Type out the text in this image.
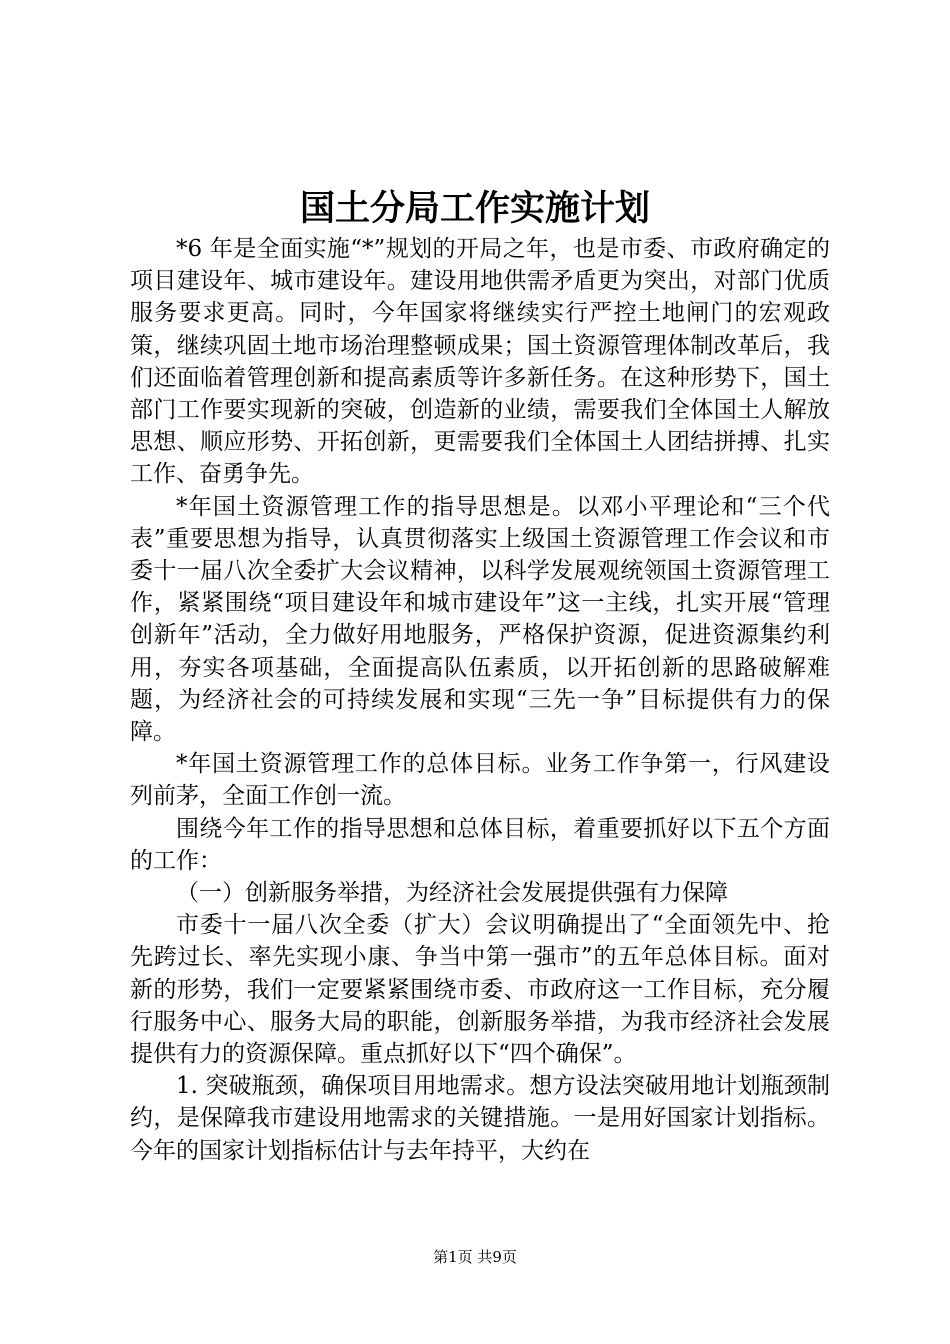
国土分局工作实施计划

*6 年是全面实施“*”规划的开局之年，也是市委、市政府确定的项目建设年、城市建设年。建设用地供需矛盾更为突出，对部门优质服务要求更高。同时，今年国家将继续实行严控土地闸门的宏观政策，继续巩固土地市场治理整顿成果；国土资源管理体制改革后，我们还面临着管理创新和提高素质等许多新任务。在这种形势下，国土部门工作要实现新的突破，创造新的业绩，需要我们全体国土人解放思想、顺应形势、开拓创新，更需要我们全体国土人团结拼搏、扎实工作、奋勇争先。

*年国土资源管理工作的指导思想是。以邓小平理论和“三个代表”重要思想为指导，认真贯彻落实上级国土资源管理工作会议和市委十一届八次全委扩大会议精神，以科学发展观统领国土资源管理工作，紧紧围绕“项目建设年和城市建设年”这一主线，扎实开展“管理创新年”活动，全力做好用地服务，严格保护资源，促进资源集约利用，夯实各项基础，全面提高队伍素质，以开拓创新的思路破解难题，为经济社会的可持续发展和实现“三先一争”目标提供有力的保障。

*年国土资源管理工作的总体目标。业务工作争第一，行风建设列前茅，全面工作创一流。

围绕今年工作的指导思想和总体目标，着重要抓好以下五个方面的工作：

（一）创新服务举措，为经济社会发展提供强有力保障

市委十一届八次全委（扩大）会议明确提出了“全面领先中、抢先跨过长、率先实现小康、争当中第一强市”的五年总体目标。面对新的形势，我们一定要紧紧围绕市委、市政府这一工作目标，充分履行服务中心、服务大局的职能，创新服务举措，为我市经济社会发展提供有力的资源保障。重点抓好以下“四个确保”。

1. 突破瓶颈，确保项目用地需求。想方设法突破用地计划瓶颈制约，是保障我市建设用地需求的关键措施。一是用好国家计划指标。今年的国家计划指标估计与去年持平，大约在

第1页 共9页
